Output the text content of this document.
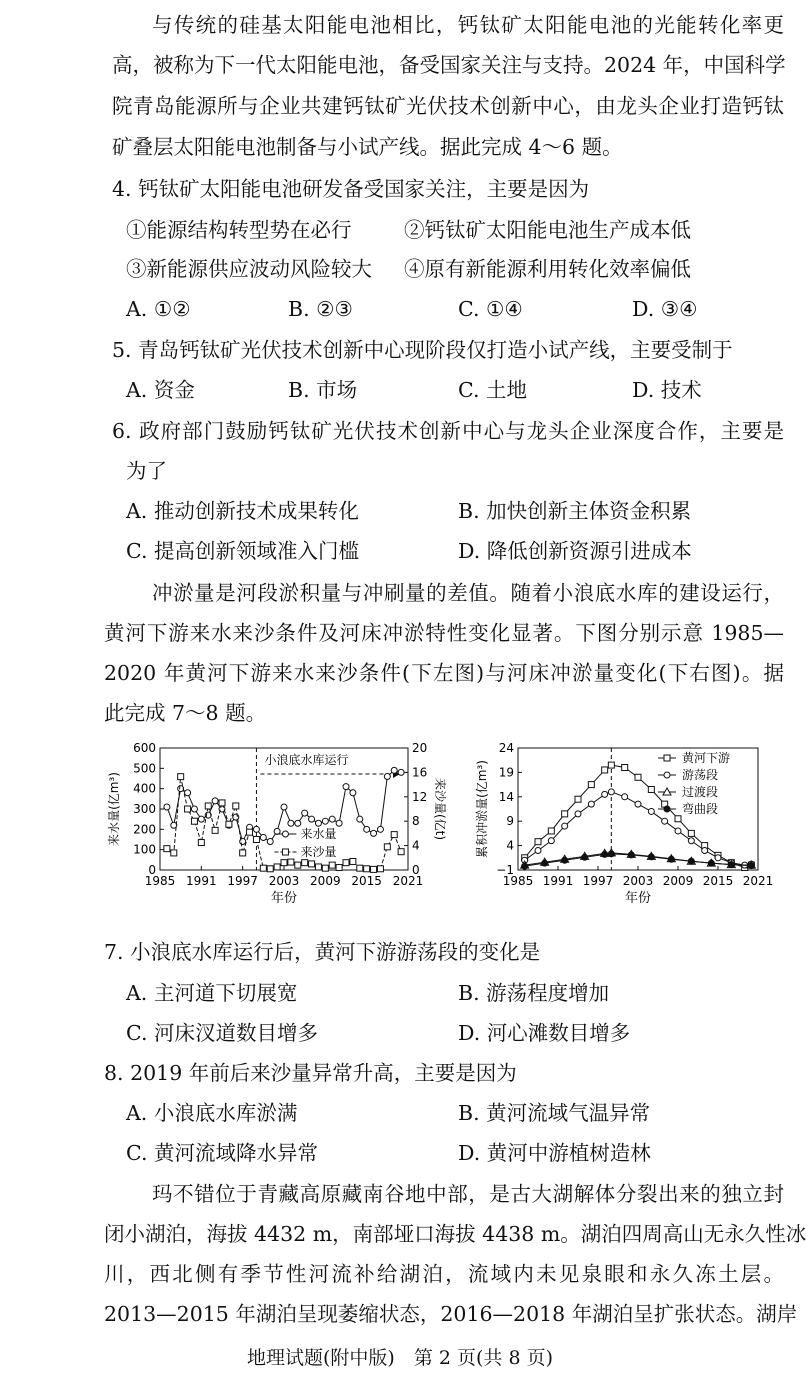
与传统的硅基太阳能电池相比，钙钛矿太阳能电池的光能转化率更
高，被称为下一代太阳能电池，备受国家关注与支持。2024 年，中国科学
院青岛能源所与企业共建钙钛矿光伏技术创新中心，由龙头企业打造钙钛
矿叠层太阳能电池制备与小试产线。据此完成 4～6 题。
4. 钙钛矿太阳能电池研发备受国家关注，主要是因为
①能源结构转型势在必行	②钙钛矿太阳能电池生产成本低
③新能源供应波动风险较大 ④原有新能源利用转化效率偏低
A. ①②	B. ②③	C. ①④	D. ③④
5. 青岛钙钛矿光伏技术创新中心现阶段仅打造小试产线，主要受制于
A. 资金	B. 市场	C. 土地	D. 技术
6. 政府部门鼓励钙钛矿光伏技术创新中心与龙头企业深度合作，主要是
为了
A. 推动创新技术成果转化	B. 加快创新主体资金积累
C. 提高创新领域准入门槛	D. 降低创新资源引进成本
冲淤量是河段淤积量与冲刷量的差值。随着小浪底水库的建设运行，
黄河下游来水来沙条件及河床冲淤特性变化显著。下图分别示意 1985—
2020 年黄河下游来水来沙条件(下左图)与河床冲淤量变化(下右图)。据
此完成 7～8 题。
0
100
200
300
400
500
600
0
4
8
12
16
20
1985 1991 1997 2003 2009 2015 2021
年份
来水量(亿m³)	来沙量(亿t)
小浪底水库运行
来水量
来沙量
−1
4
9
14
19
24
1985 1991 1997 2003 2009 2015 2021
年份
累积冲淤量(亿m³)
黄河下游
游荡段
过渡段
弯曲段
7. 小浪底水库运行后，黄河下游游荡段的变化是
A. 主河道下切展宽	B. 游荡程度增加
C. 河床汊道数目增多	D. 河心滩数目增多
8. 2019 年前后来沙量异常升高，主要是因为
A. 小浪底水库淤满	B. 黄河流域气温异常
C. 黄河流域降水异常	D. 黄河中游植树造林
玛不错位于青藏高原藏南谷地中部，是古大湖解体分裂出来的独立封
闭小湖泊，海拔 4432 m，南部垭口海拔 4438 m。湖泊四周高山无永久性冰
川，西北侧有季节性河流补给湖泊，流域内未见泉眼和永久冻土层。
2013—2015 年湖泊呈现萎缩状态，2016—2018 年湖泊呈扩张状态。湖岸
地理试题(附中版)　第 2 页(共 8 页)
